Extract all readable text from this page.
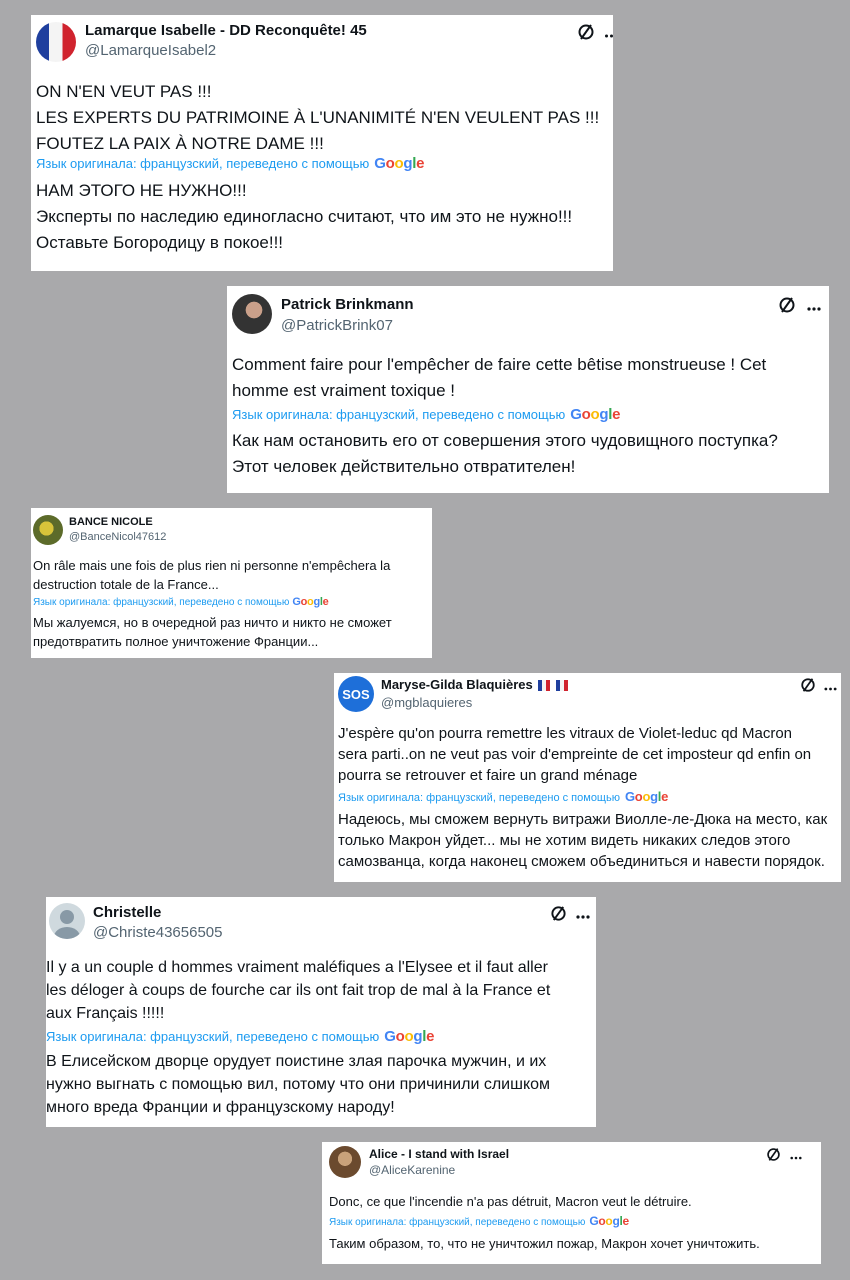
Lamarque Isabelle - DD Reconquête! 45
@LamarqueIsabel2
ON N'EN VEUT PAS !!!
LES EXPERTS DU PATRIMOINE À L'UNANIMITÉ N'EN VEULENT PAS !!!
FOUTEZ LA PAIX À NOTRE DAME !!!
Язык оригинала: французский, переведено с помощью Google
НАМ ЭТОГО НЕ НУЖНО!!!
Эксперты по наследию единогласно считают, что им это не нужно!!!
Оставьте Богородицу в покое!!!
Patrick Brinkmann
@PatrickBrink07
Comment faire pour l'empêcher de faire cette bêtise monstrueuse ! Cet
homme est vraiment toxique !
Язык оригинала: французский, переведено с помощью Google
Как нам остановить его от совершения этого чудовищного поступка?
Этот человек действительно отвратителен!
BANCE NICOLE
@BanceNicol47612
On râle mais une fois de plus rien ni personne n'empêchera la
destruction totale de la France...
Язык оригинала: французский, переведено с помощью Google
Мы жалуемся, но в очередной раз ничто и никто не сможет
предотвратить полное уничтожение Франции...
SOS
Maryse-Gilda Blaquières

@mgblaquieres
J'espère qu'on pourra remettre les vitraux de Violet-leduc qd Macron
sera parti..on ne veut pas voir d'empreinte de cet imposteur qd enfin on
pourra se retrouver et faire un grand ménage
Язык оригинала: французский, переведено с помощью Google
Надеюсь, мы сможем вернуть витражи Виолле-ле-Дюка на место, как
только Макрон уйдет... мы не хотим видеть никаких следов этого
самозванца, когда наконец сможем объединиться и навести порядок.
Christelle
@Christe43656505
Il y a un couple d hommes vraiment maléfiques a l'Elysee et il faut aller
les déloger à coups de fourche car ils ont fait trop de mal à la France et
aux Français !!!!!
Язык оригинала: французский, переведено с помощью Google
В Елисейском дворце орудует поистине злая парочка мужчин, и их
нужно выгнать с помощью вил, потому что они причинили слишком
много вреда Франции и французскому народу!
Alice - I stand with Israel
@AliceKarenine
Donc, ce que l'incendie n'a pas détruit, Macron veut le détruire.
Язык оригинала: французский, переведено с помощью Google
Таким образом, то, что не уничтожил пожар, Макрон хочет уничтожить.
